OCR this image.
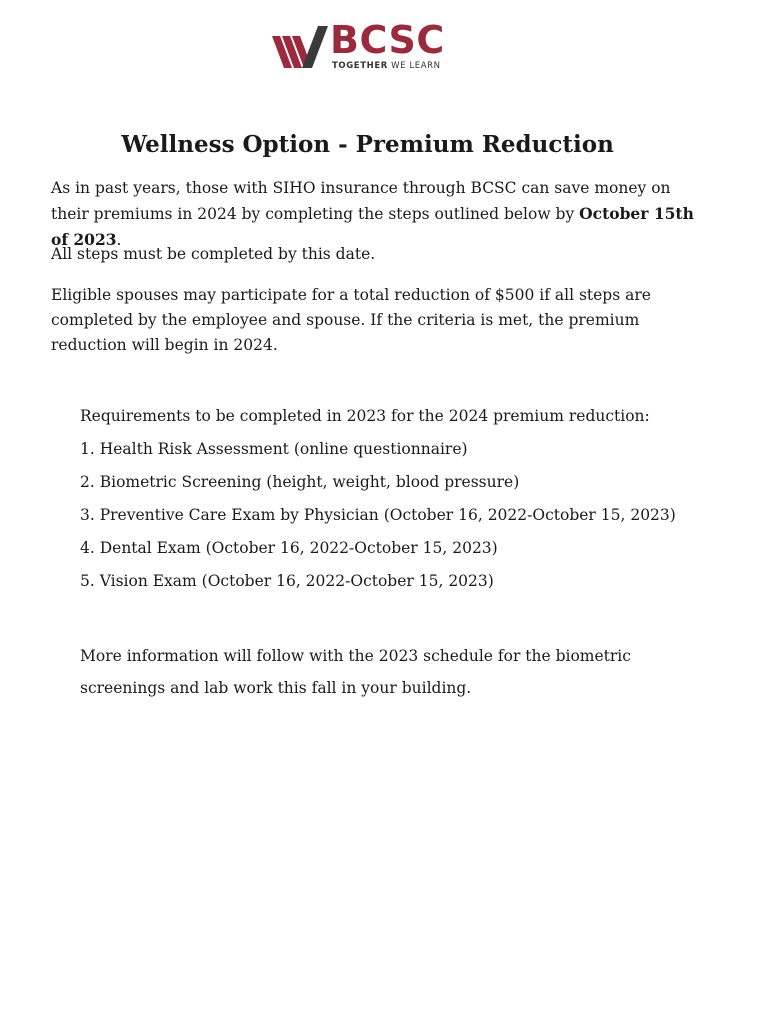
BCSC
TOGETHER WE LEARN
Wellness Option - Premium Reduction

As in past years, those with SIHO insurance through BCSC can save money on their premiums in 2024 by completing the steps outlined below by October 15th of 2023.

All steps must be completed by this date.

Eligible spouses may participate for a total reduction of $500 if all steps are completed by the employee and spouse. If the criteria is met, the premium reduction will begin in 2024.

Requirements to be completed in 2023 for the 2024 premium reduction:

1. Health Risk Assessment (online questionnaire)

2. Biometric Screening (height, weight, blood pressure)

3. Preventive Care Exam by Physician (October 16, 2022-October 15, 2023)

4. Dental Exam (October 16, 2022-October 15, 2023)

5. Vision Exam (October 16, 2022-October 15, 2023)

More information will follow with the 2023 schedule for the biometric screenings and lab work this fall in your building.
